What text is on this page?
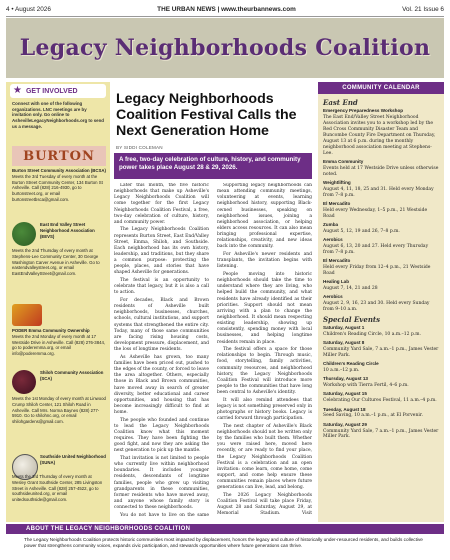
4 • August 2026	THE URBAN NEWS | www.theurbannews.com	Vol. 21 Issue 6
Legacy Neighborhoods Coalition
★ GET INVOLVED
Connect with one of the following organizations. LNC meetings are by invitation only. Go online to AshevilleLegacyNeighborhoods.org to send us a message.
BURTON
Burton Street Community Association (BCSA)
Meets the 3rd Tuesday of every month at the Burton Street Community Center, 134 Burton St Asheville. Call (828) 216-4930, go to burtonstreet.org, or email burtonstreetbsca@gmail.com.
East End Valley Street Neighborhood Association (EEVS)
Meets the 2nd Thursday of every month at Stephens-Lee Community Center, 30 George Washington Carver Avenue in Asheville. Go to eastendvalleystreet.org, or email EastEndValleyStreet@gmail.com.
PODER Emma Community Ownership
Meets the 2nd Monday of every month at 17 Westside Drive in Asheville. Call (828) 276-3844, go to poderemma.org, or email info@poderemma.org.
Shiloh Community Association (SCA)
Meets the 1st Monday of every month at Linwood Crump Shiloh Center, 121 Shiloh Road in Asheville. Call Mrs. Norma Baynes (828) 277-5910. Go to shilohnc.org, or email shilohgardens@gmail.com.
Southside United Neighborhood (SUNA)
Meets the 3rd Thursday of every month at Wesley Grant Southside Center, 285 Livingston Street in Asheville. Call (828) 257-4522, go to southsideunited.org, or email unitedsouthside@gmail.com.
Legacy Neighborhoods Coalition Festival Calls the Next Generation Home
BY SIDDI COLEMAN
A free, two-day celebration of culture, history, and community power takes place August 28 & 29, 2026.

Later this month, the five historic neighborhoods that make up Asheville's Legacy Neighborhoods Coalition will come together for the first Legacy Neighborhoods Coalition Festival, a free, two-day celebration of culture, history, and community power.

The Legacy Neighborhoods Coalition represents Burton Street, East End/Valley Street, Emma, Shiloh, and Southside. Each neighborhood has its own history, leadership, and traditions, but they share a common purpose: protecting the people, places, and stories that have shaped Asheville for generations.

The festival is an opportunity to celebrate that legacy, but it is also a call to action.

For decades, Black and Brown residents of Asheville built neighborhoods, businesses, churches, schools, cultural institutions, and support systems that strengthened the entire city. Today, many of those same communities are facing rising housing costs, development pressure, displacement, and the loss of longtime residents.

As Asheville has grown, too many families have been priced out, pushed to the edges of the county, or forced to leave the area altogether. Others, especially those in Black and Brown communities, have moved away in search of greater diversity, better educational and career opportunities, and housing that has become increasingly difficult to find at home.

The people who founded and continue to lead the Legacy Neighborhoods Coalition know what this moment requires. They have been fighting the good fight, and now they are asking the next generation to pick up the mantle.

That invitation is not limited to people who currently live within neighborhood boundaries. It includes younger residents, descendants of longtime families, people who grew up visiting grandparents in these communities, former residents who have moved away, and anyone whose family story is connected to these neighborhoods.

You do not have to live on the same

Supporting legacy neighborhoods can mean attending community meetings, volunteering at events, learning neighborhood history, supporting Black-owned businesses, speaking on neighborhood issues, joining a neighborhood association, or helping elders access resources. It can also mean bringing professional expertise, relationships, creativity, and new ideas back into the community.

For Asheville's newer residents and transplants, the invitation begins with listening.

People moving into historic neighborhoods should take the time to understand where they are living, who helped build the community, and what residents have already identified as their priorities. Support should not mean arriving with a plan to change the neighborhood. It should mean respecting existing leadership, showing up consistently, spending money with local businesses, and helping longtime residents remain in place.

The festival offers a space for those relationships to begin. Through music, food, storytelling, family activities, community resources, and neighborhood history, the Legacy Neighborhoods Coalition Festival will introduce more people to the communities that have long been central to Asheville's identity.

It will also remind attendees that legacy is not something preserved only in photographs or history books. Legacy is carried forward through participation.

The next chapter of Asheville's Black neighborhoods should not be written only by the families who built them. Whether you were raised here, moved here recently, or are ready to find your place, the Legacy Neighborhoods Coalition Festival is a celebration and an open invitation: come learn, come home, come support, and come help ensure these communities remain places where future generations can live, lead, and belong.

The 2026 Legacy Neighborhoods Coalition Festival will take place Friday, August 28 and Saturday, August 29, at Memorial Stadium. Visit

COMMUNITY CALENDAR
East End
Emergency Preparedness Workshop
The East End/Valley Street Neighborhood Association invites you to a workshop led by the Red Cross Community Disaster Team and Buncombe County Fire Department on Thursday, August 13 at 6 p.m. during the monthly neighborhood association meeting at Stephens-Lee.
Emma Community
Events held at 17 Westside Drive unless otherwise noted.
Weightlifting
August 4, 11, 18, 25 and 31. Held every Monday from 7–8 p.m.
El Mercadito
Held every Wednesday, 1–5 p.m., 21 Westside Road
Zumba
August 5, 12, 19 and 26, 7–8 p.m.
Aerobics
August 6, 13, 20 and 27. Held every Thursday from 7–8 p.m.
El Mercadito
Held every Friday from 12–4 p.m., 21 Westside Road
Healing Lab
August 7, 14, 21 and 28
Aerobics
August 2, 9, 16, 23 and 30. Held every Sunday from 9–10 a.m.
Special Events
Saturday, August 1
Children's Reading Circle, 10 a.m.–12 p.m.
Saturday, August 8
Community Yard Sale, 7 a.m.–1 p.m., James Vester Miller Park.
Children's Reading Circle
10 a.m.–12 p.m.
Thursday, August 13
Workshop with Tierra Fertil, 4–6 p.m.
Saturday, August 15
Celebrating Our Cultures Festival, 11 a.m.–4 p.m.
Tuesday, August 18
Seed Saving, 10 a.m.–1 p.m., at El Porvenir.
Saturday, August 29
Community Yard Sale, 7 a.m.–1 p.m., James Vester Miller Park.
ABOUT THE LEGACY NEIGHBORHOODS COALITION
The Legacy Neighborhoods Coalition protects historic communities most impacted by displacement, honors the legacy and culture of historically under-resourced residents, and builds collective power that strengthens community voices, expands civic participation, and stewards opportunities where future generations can thrive.
